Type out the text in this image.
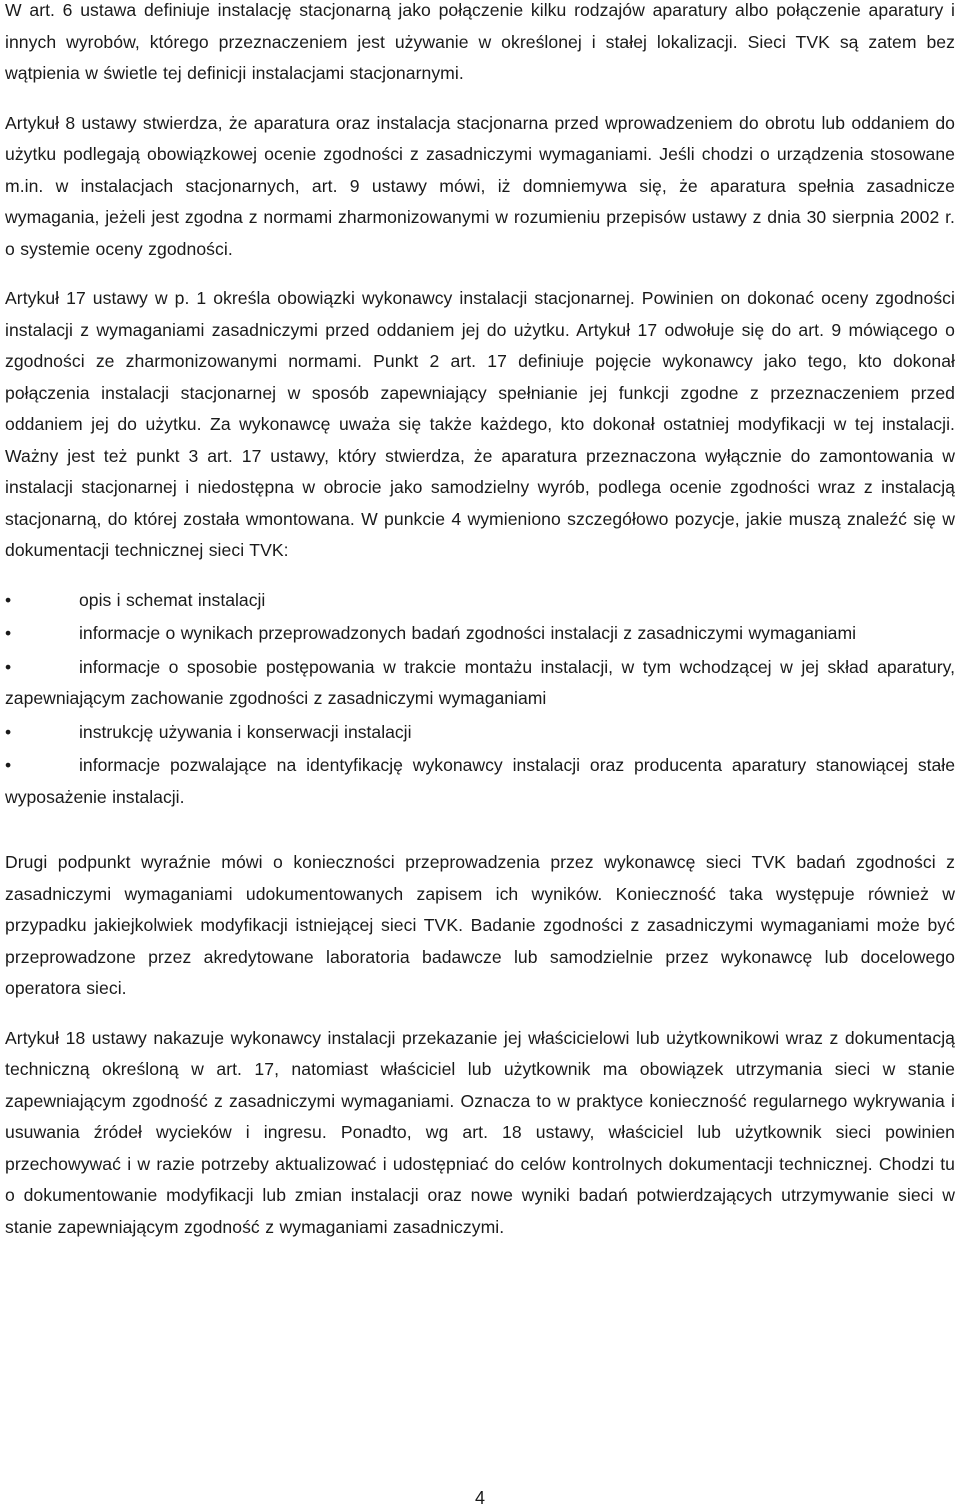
W art. 6 ustawa definiuje instalację stacjonarną jako połączenie kilku rodzajów aparatury albo połączenie aparatury i innych wyrobów, którego przeznaczeniem jest używanie w określonej i stałej lokalizacji. Sieci TVK są zatem bez wątpienia w świetle tej definicji instalacjami stacjonarnymi.

Artykuł 8 ustawy stwierdza, że aparatura oraz instalacja stacjonarna przed wprowadzeniem do obrotu lub oddaniem do użytku podlegają obowiązkowej ocenie zgodności z zasadniczymi wymaganiami. Jeśli chodzi o urządzenia stosowane m.in. w instalacjach stacjonarnych, art. 9 ustawy mówi, iż domniemywa się, że aparatura spełnia zasadnicze wymagania, jeżeli jest zgodna z normami zharmonizowanymi w rozumieniu przepisów ustawy z dnia 30 sierpnia 2002 r. o systemie oceny zgodności.

Artykuł 17 ustawy w p. 1 określa obowiązki wykonawcy instalacji stacjonarnej. Powinien on dokonać oceny zgodności instalacji z wymaganiami zasadniczymi przed oddaniem jej do użytku. Artykuł 17 odwołuje się do art. 9 mówiącego o zgodności ze zharmonizowanymi normami. Punkt 2 art. 17 definiuje pojęcie wykonawcy jako tego, kto dokonał połączenia instalacji stacjonarnej w sposób zapewniający spełnianie jej funkcji zgodne z przeznaczeniem przed oddaniem jej do użytku. Za wykonawcę uważa się także każdego, kto dokonał ostatniej modyfikacji w tej instalacji. Ważny jest też punkt 3 art. 17 ustawy, który stwierdza, że aparatura przeznaczona wyłącznie do zamontowania w instalacji stacjonarnej i niedostępna w obrocie jako samodzielny wyrób, podlega ocenie zgodności wraz z instalacją stacjonarną, do której została wmontowana. W punkcie 4 wymieniono szczegółowo pozycje, jakie muszą znaleźć się w dokumentacji technicznej sieci TVK:

•	opis i schemat instalacji
•	informacje o wynikach przeprowadzonych badań zgodności instalacji z zasadniczymi wymaganiami
•	informacje o sposobie postępowania w trakcie montażu instalacji, w tym wchodzącej w jej skład aparatury, zapewniającym zachowanie zgodności z zasadniczymi wymaganiami
•	instrukcję używania i konserwacji instalacji
•	informacje pozwalające na identyfikację wykonawcy instalacji oraz producenta aparatury stanowiącej stałe wyposażenie instalacji.

Drugi podpunkt wyraźnie mówi o konieczności przeprowadzenia przez wykonawcę sieci TVK badań zgodności z zasadniczymi wymaganiami udokumentowanych zapisem ich wyników. Konieczność taka występuje również w przypadku jakiejkolwiek modyfikacji istniejącej sieci TVK. Badanie zgodności z zasadniczymi wymaganiami może być przeprowadzone przez akredytowane laboratoria badawcze lub samodzielnie przez wykonawcę lub docelowego operatora sieci.

Artykuł 18 ustawy nakazuje wykonawcy instalacji przekazanie jej właścicielowi lub użytkownikowi wraz z dokumentacją techniczną określoną w art. 17, natomiast właściciel lub użytkownik ma obowiązek utrzymania sieci w stanie zapewniającym zgodność z zasadniczymi wymaganiami. Oznacza to w praktyce konieczność regularnego wykrywania i usuwania źródeł wycieków i ingresu. Ponadto, wg art. 18 ustawy, właściciel lub użytkownik sieci powinien przechowywać i w razie potrzeby aktualizować i udostępniać do celów kontrolnych dokumentacji technicznej. Chodzi tu o dokumentowanie modyfikacji lub zmian instalacji oraz nowe wyniki badań potwierdzających utrzymywanie sieci w stanie zapewniającym zgodność z wymaganiami zasadniczymi.

4
